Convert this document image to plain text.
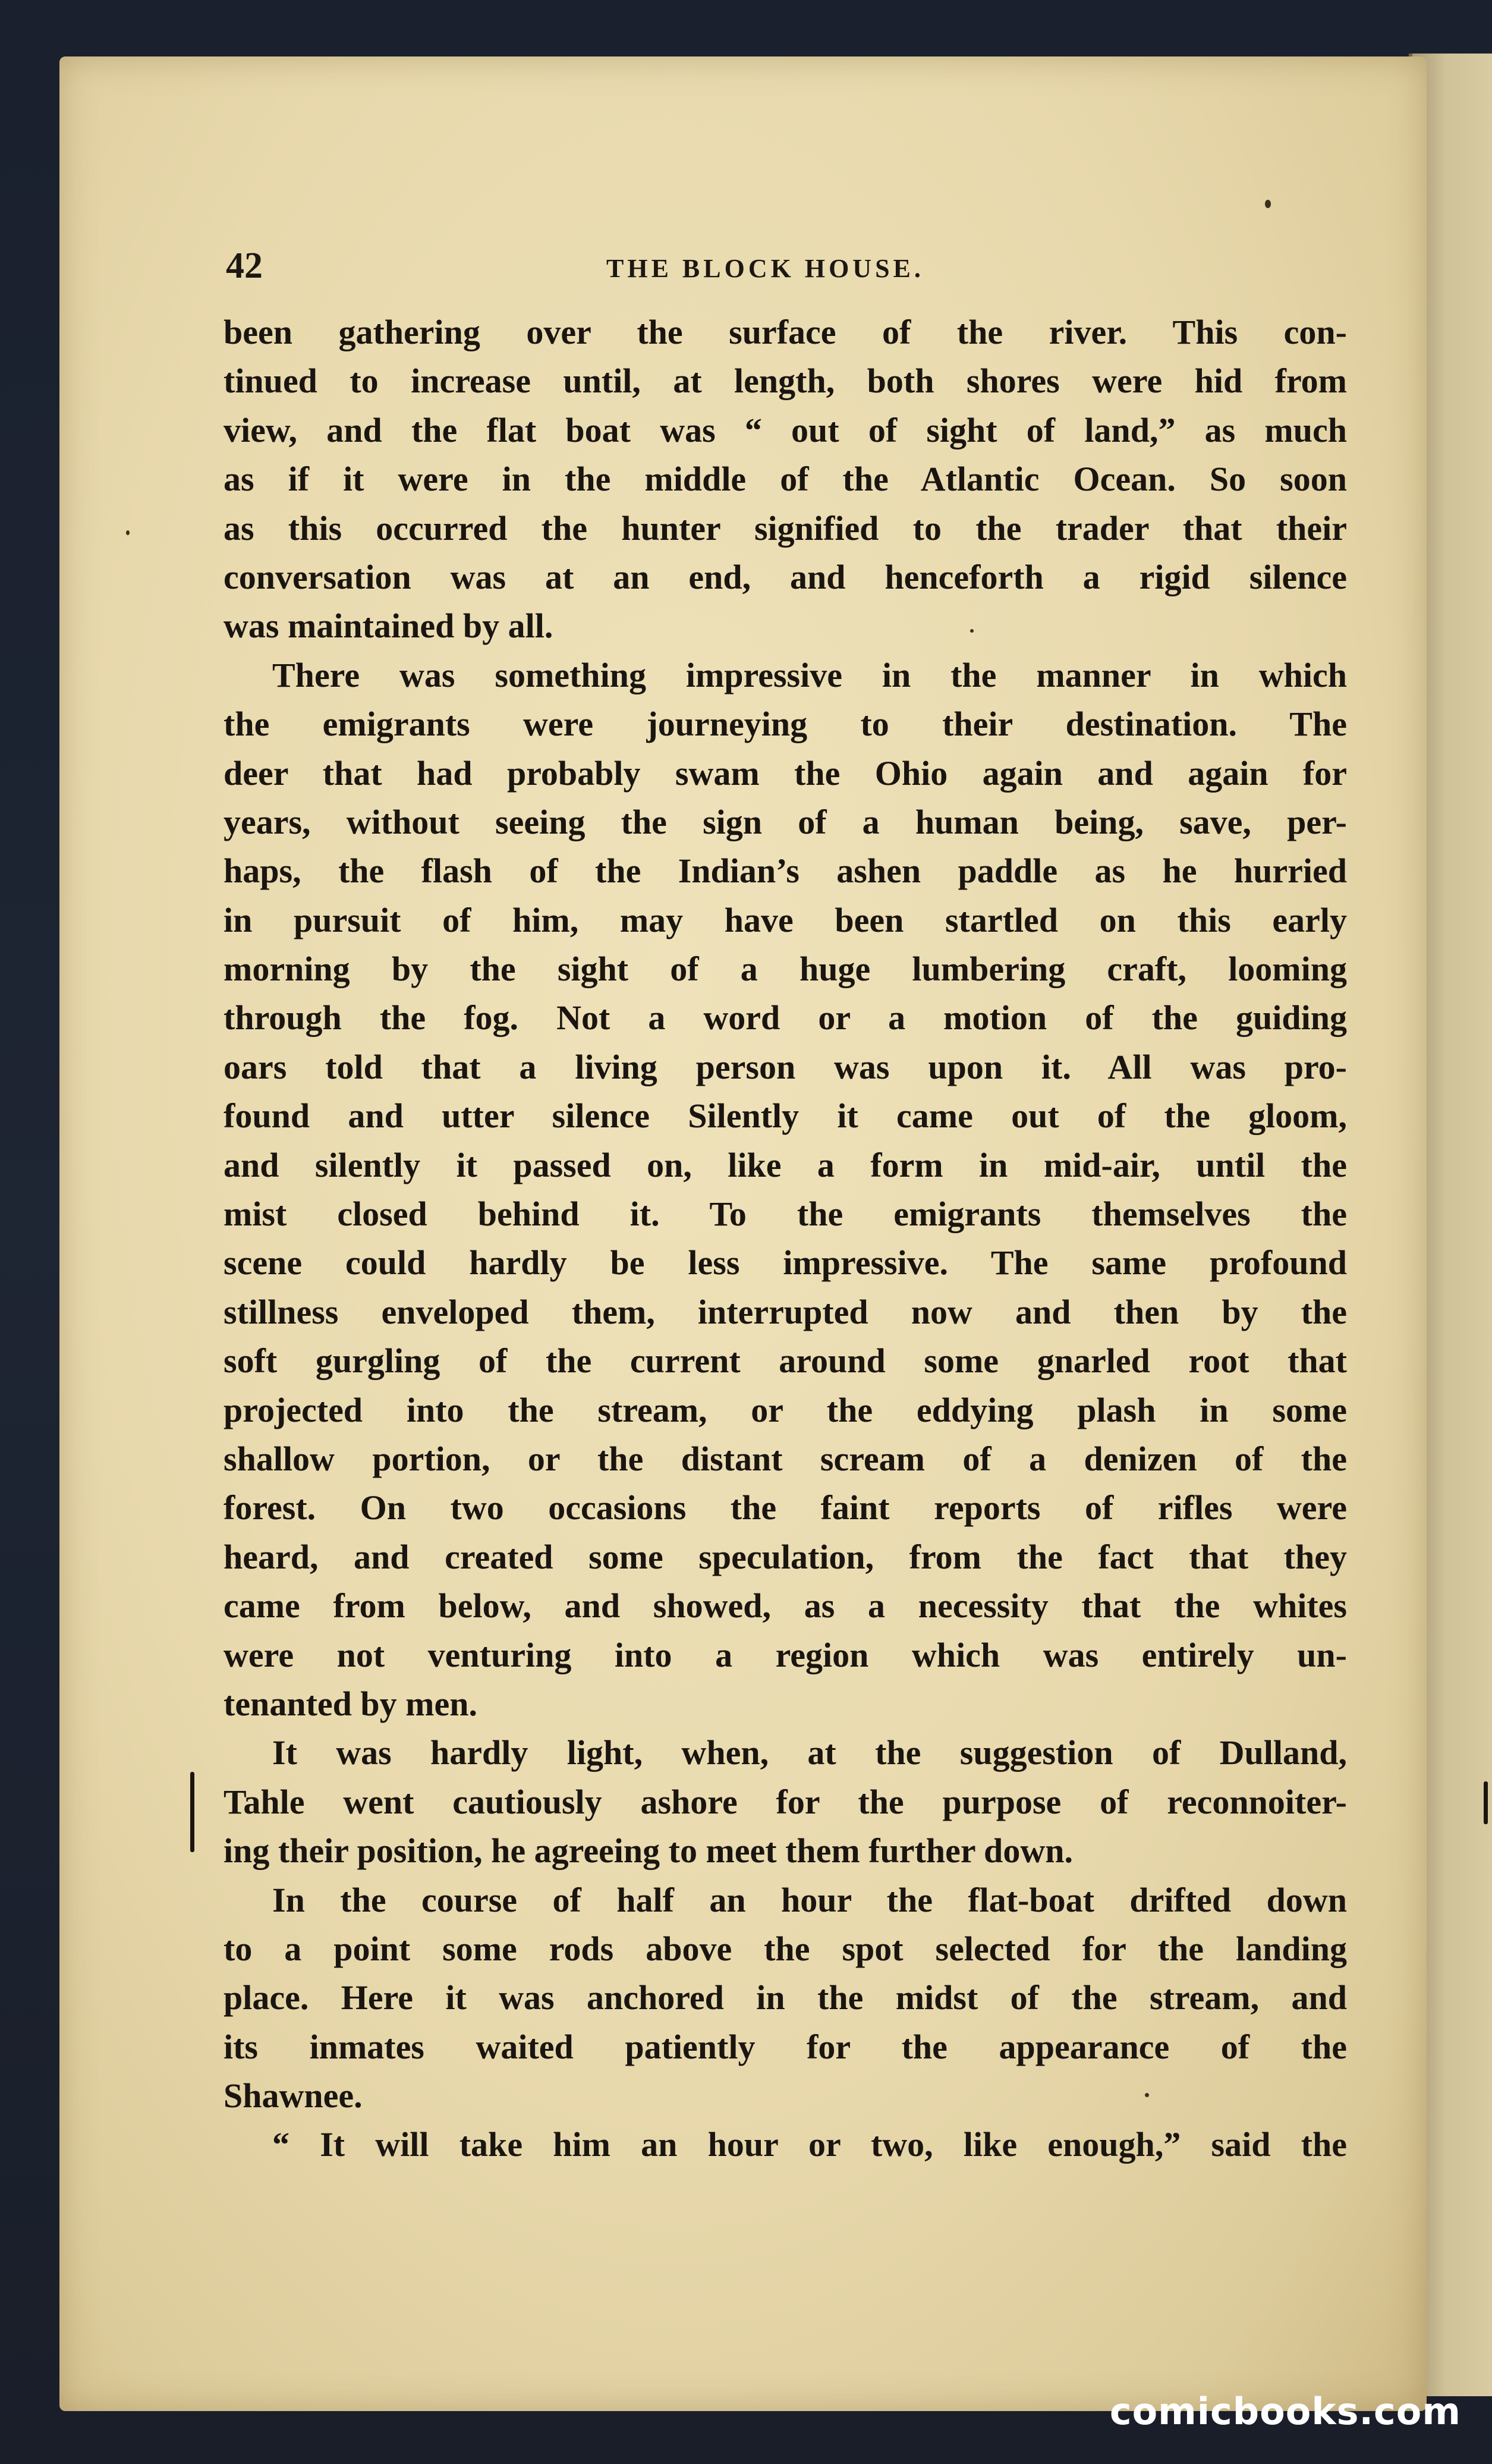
42	THE BLOCK HOUSE.
been gathering over the surface of the river. This con-
tinued to increase until, at length, both shores were hid from
view, and the flat boat was “ out of sight of land,” as much
as if it were in the middle of the Atlantic Ocean. So soon
as this occurred the hunter signified to the trader that their
conversation was at an end, and henceforth a rigid silence
was maintained by all.
There was something impressive in the manner in which
the emigrants were journeying to their destination. The
deer that had probably swam the Ohio again and again for
years, without seeing the sign of a human being, save, per-
haps, the flash of the Indian’s ashen paddle as he hurried
in pursuit of him, may have been startled on this early
morning by the sight of a huge lumbering craft, looming
through the fog. Not a word or a motion of the guiding
oars told that a living person was upon it. All was pro-
found and utter silence Silently it came out of the gloom,
and silently it passed on, like a form in mid-air, until the
mist closed behind it. To the emigrants themselves the
scene could hardly be less impressive. The same profound
stillness enveloped them, interrupted now and then by the
soft gurgling of the current around some gnarled root that
projected into the stream, or the eddying plash in some
shallow portion, or the distant scream of a denizen of the
forest. On two occasions the faint reports of rifles were
heard, and created some speculation, from the fact that they
came from below, and showed, as a necessity that the whites
were not venturing into a region which was entirely un-
tenanted by men.
It was hardly light, when, at the suggestion of Dulland,
Tahle went cautiously ashore for the purpose of reconnoiter-
ing their position, he agreeing to meet them further down.
In the course of half an hour the flat-boat drifted down
to a point some rods above the spot selected for the landing
place. Here it was anchored in the midst of the stream, and
its inmates waited patiently for the appearance of the
Shawnee.
“ It will take him an hour or two, like enough,” said the
comicbooks.com
